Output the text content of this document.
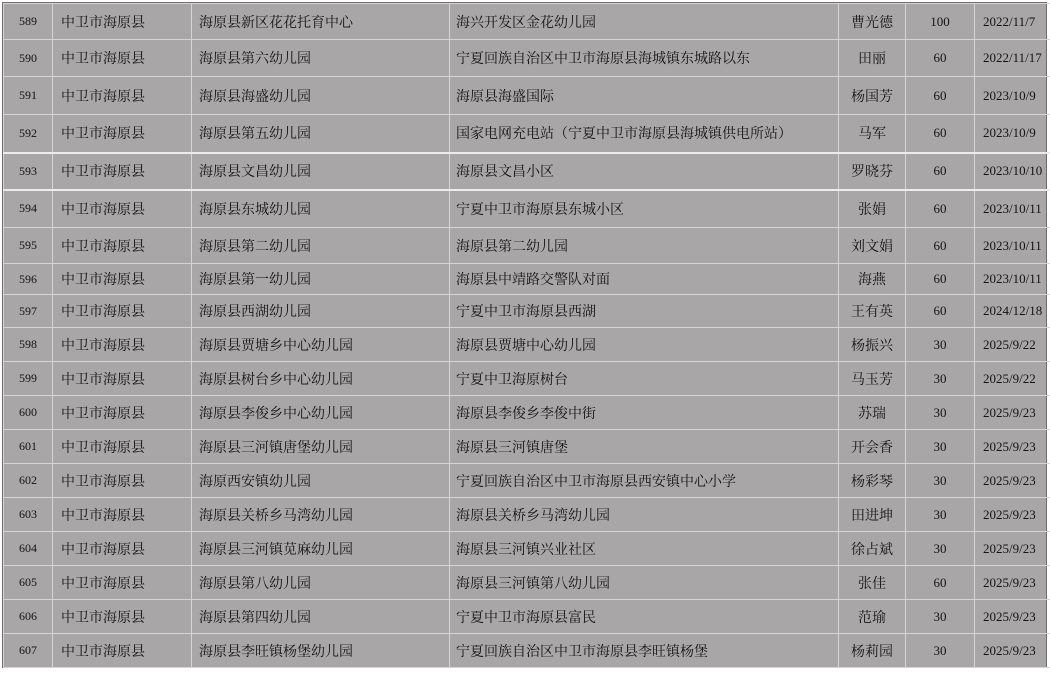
589	中卫市海原县	海原县新区花花托育中心	海兴开发区金花幼儿园	曹光德	100	2022/11/7
590	中卫市海原县	海原县第六幼儿园	宁夏回族自治区中卫市海原县海城镇东城路以东	田丽	60	2022/11/17
591	中卫市海原县	海原县海盛幼儿园	海原县海盛国际	杨国芳	60	2023/10/9
592	中卫市海原县	海原县第五幼儿园	国家电网充电站（宁夏中卫市海原县海城镇供电所站）	马军	60	2023/10/9
593	中卫市海原县	海原县文昌幼儿园	海原县文昌小区	罗晓芬	60	2023/10/10
594	中卫市海原县	海原县东城幼儿园	宁夏中卫市海原县东城小区	张娟	60	2023/10/11
595	中卫市海原县	海原县第二幼儿园	海原县第二幼儿园	刘文娟	60	2023/10/11
596	中卫市海原县	海原县第一幼儿园	海原县中靖路交警队对面	海燕	60	2023/10/11
597	中卫市海原县	海原县西湖幼儿园	宁夏中卫市海原县西湖	王有英	60	2024/12/18
598	中卫市海原县	海原县贾塘乡中心幼儿园	海原县贾塘中心幼儿园	杨振兴	30	2025/9/22
599	中卫市海原县	海原县树台乡中心幼儿园	宁夏中卫海原树台	马玉芳	30	2025/9/22
600	中卫市海原县	海原县李俊乡中心幼儿园	海原县李俊乡李俊中街	苏瑞	30	2025/9/23
601	中卫市海原县	海原县三河镇唐堡幼儿园	海原县三河镇唐堡	开会香	30	2025/9/23
602	中卫市海原县	海原西安镇幼儿园	宁夏回族自治区中卫市海原县西安镇中心小学	杨彩琴	30	2025/9/23
603	中卫市海原县	海原县关桥乡马湾幼儿园	海原县关桥乡马湾幼儿园	田进坤	30	2025/9/23
604	中卫市海原县	海原县三河镇苋麻幼儿园	海原县三河镇兴业社区	徐占斌	30	2025/9/23
605	中卫市海原县	海原县第八幼儿园	海原县三河镇第八幼儿园	张佳	60	2025/9/23
606	中卫市海原县	海原县第四幼儿园	宁夏中卫市海原县富民	范瑜	30	2025/9/23
607	中卫市海原县	海原县李旺镇杨堡幼儿园	宁夏回族自治区中卫市海原县李旺镇杨堡	杨莉园	30	2025/9/23
